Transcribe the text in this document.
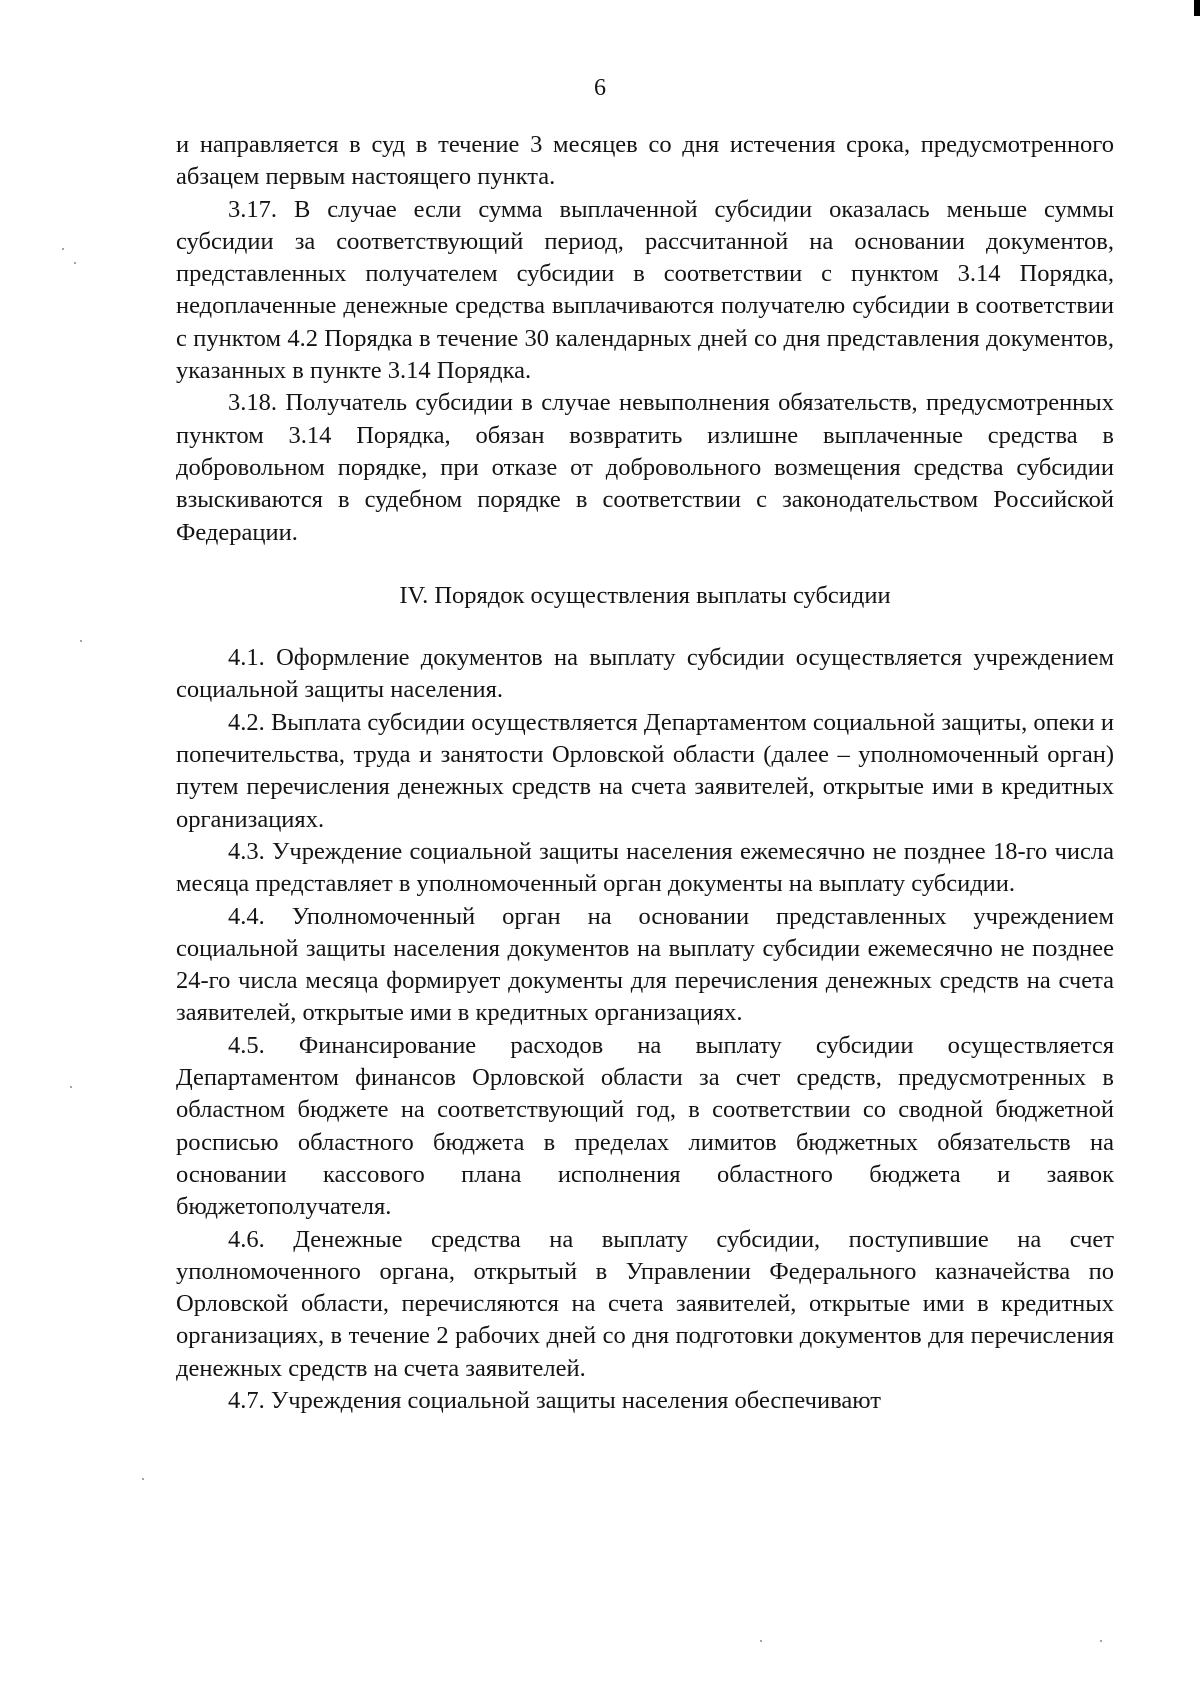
6

и направляется в суд в течение 3 месяцев со дня истечения срока, предусмотренного абзацем первым настоящего пункта.

3.17. В случае если сумма выплаченной субсидии оказалась меньше суммы субсидии за соответствующий период, рассчитанной на основании документов, представленных получателем субсидии в соответствии с пунктом 3.14 Порядка, недоплаченные денежные средства выплачиваются получателю субсидии в соответствии с пунктом 4.2 Порядка в течение 30 календарных дней со дня представления документов, указанных в пункте 3.14 Порядка.

3.18. Получатель субсидии в случае невыполнения обязательств, предусмотренных пунктом 3.14 Порядка, обязан возвратить излишне выплаченные средства в добровольном порядке, при отказе от добровольного возмещения средства субсидии взыскиваются в судебном порядке в соответствии с законодательством Российской Федерации.

IV. Порядок осуществления выплаты субсидии

4.1. Оформление документов на выплату субсидии осуществляется учреждением социальной защиты населения.

4.2. Выплата субсидии осуществляется Департаментом социальной защиты, опеки и попечительства, труда и занятости Орловской области (далее – уполномоченный орган) путем перечисления денежных средств на счета заявителей, открытые ими в кредитных организациях.

4.3. Учреждение социальной защиты населения ежемесячно не позднее 18-го числа месяца представляет в уполномоченный орган документы на выплату субсидии.

4.4. Уполномоченный орган на основании представленных учреждением социальной защиты населения документов на выплату субсидии ежемесячно не позднее 24-го числа месяца формирует документы для перечисления денежных средств на счета заявителей, открытые ими в кредитных организациях.

4.5. Финансирование расходов на выплату субсидии осуществляется Департаментом финансов Орловской области за счет средств, предусмотренных в областном бюджете на соответствующий год, в соответствии со сводной бюджетной росписью областного бюджета в пределах лимитов бюджетных обязательств на основании кассового плана исполнения областного бюджета и заявок бюджетополучателя.

4.6. Денежные средства на выплату субсидии, поступившие на счет уполномоченного органа, открытый в Управлении Федерального казначейства по Орловской области, перечисляются на счета заявителей, открытые ими в кредитных организациях, в течение 2 рабочих дней со дня подготовки документов для перечисления денежных средств на счета заявителей.

4.7. Учреждения социальной защиты населения обеспечивают
